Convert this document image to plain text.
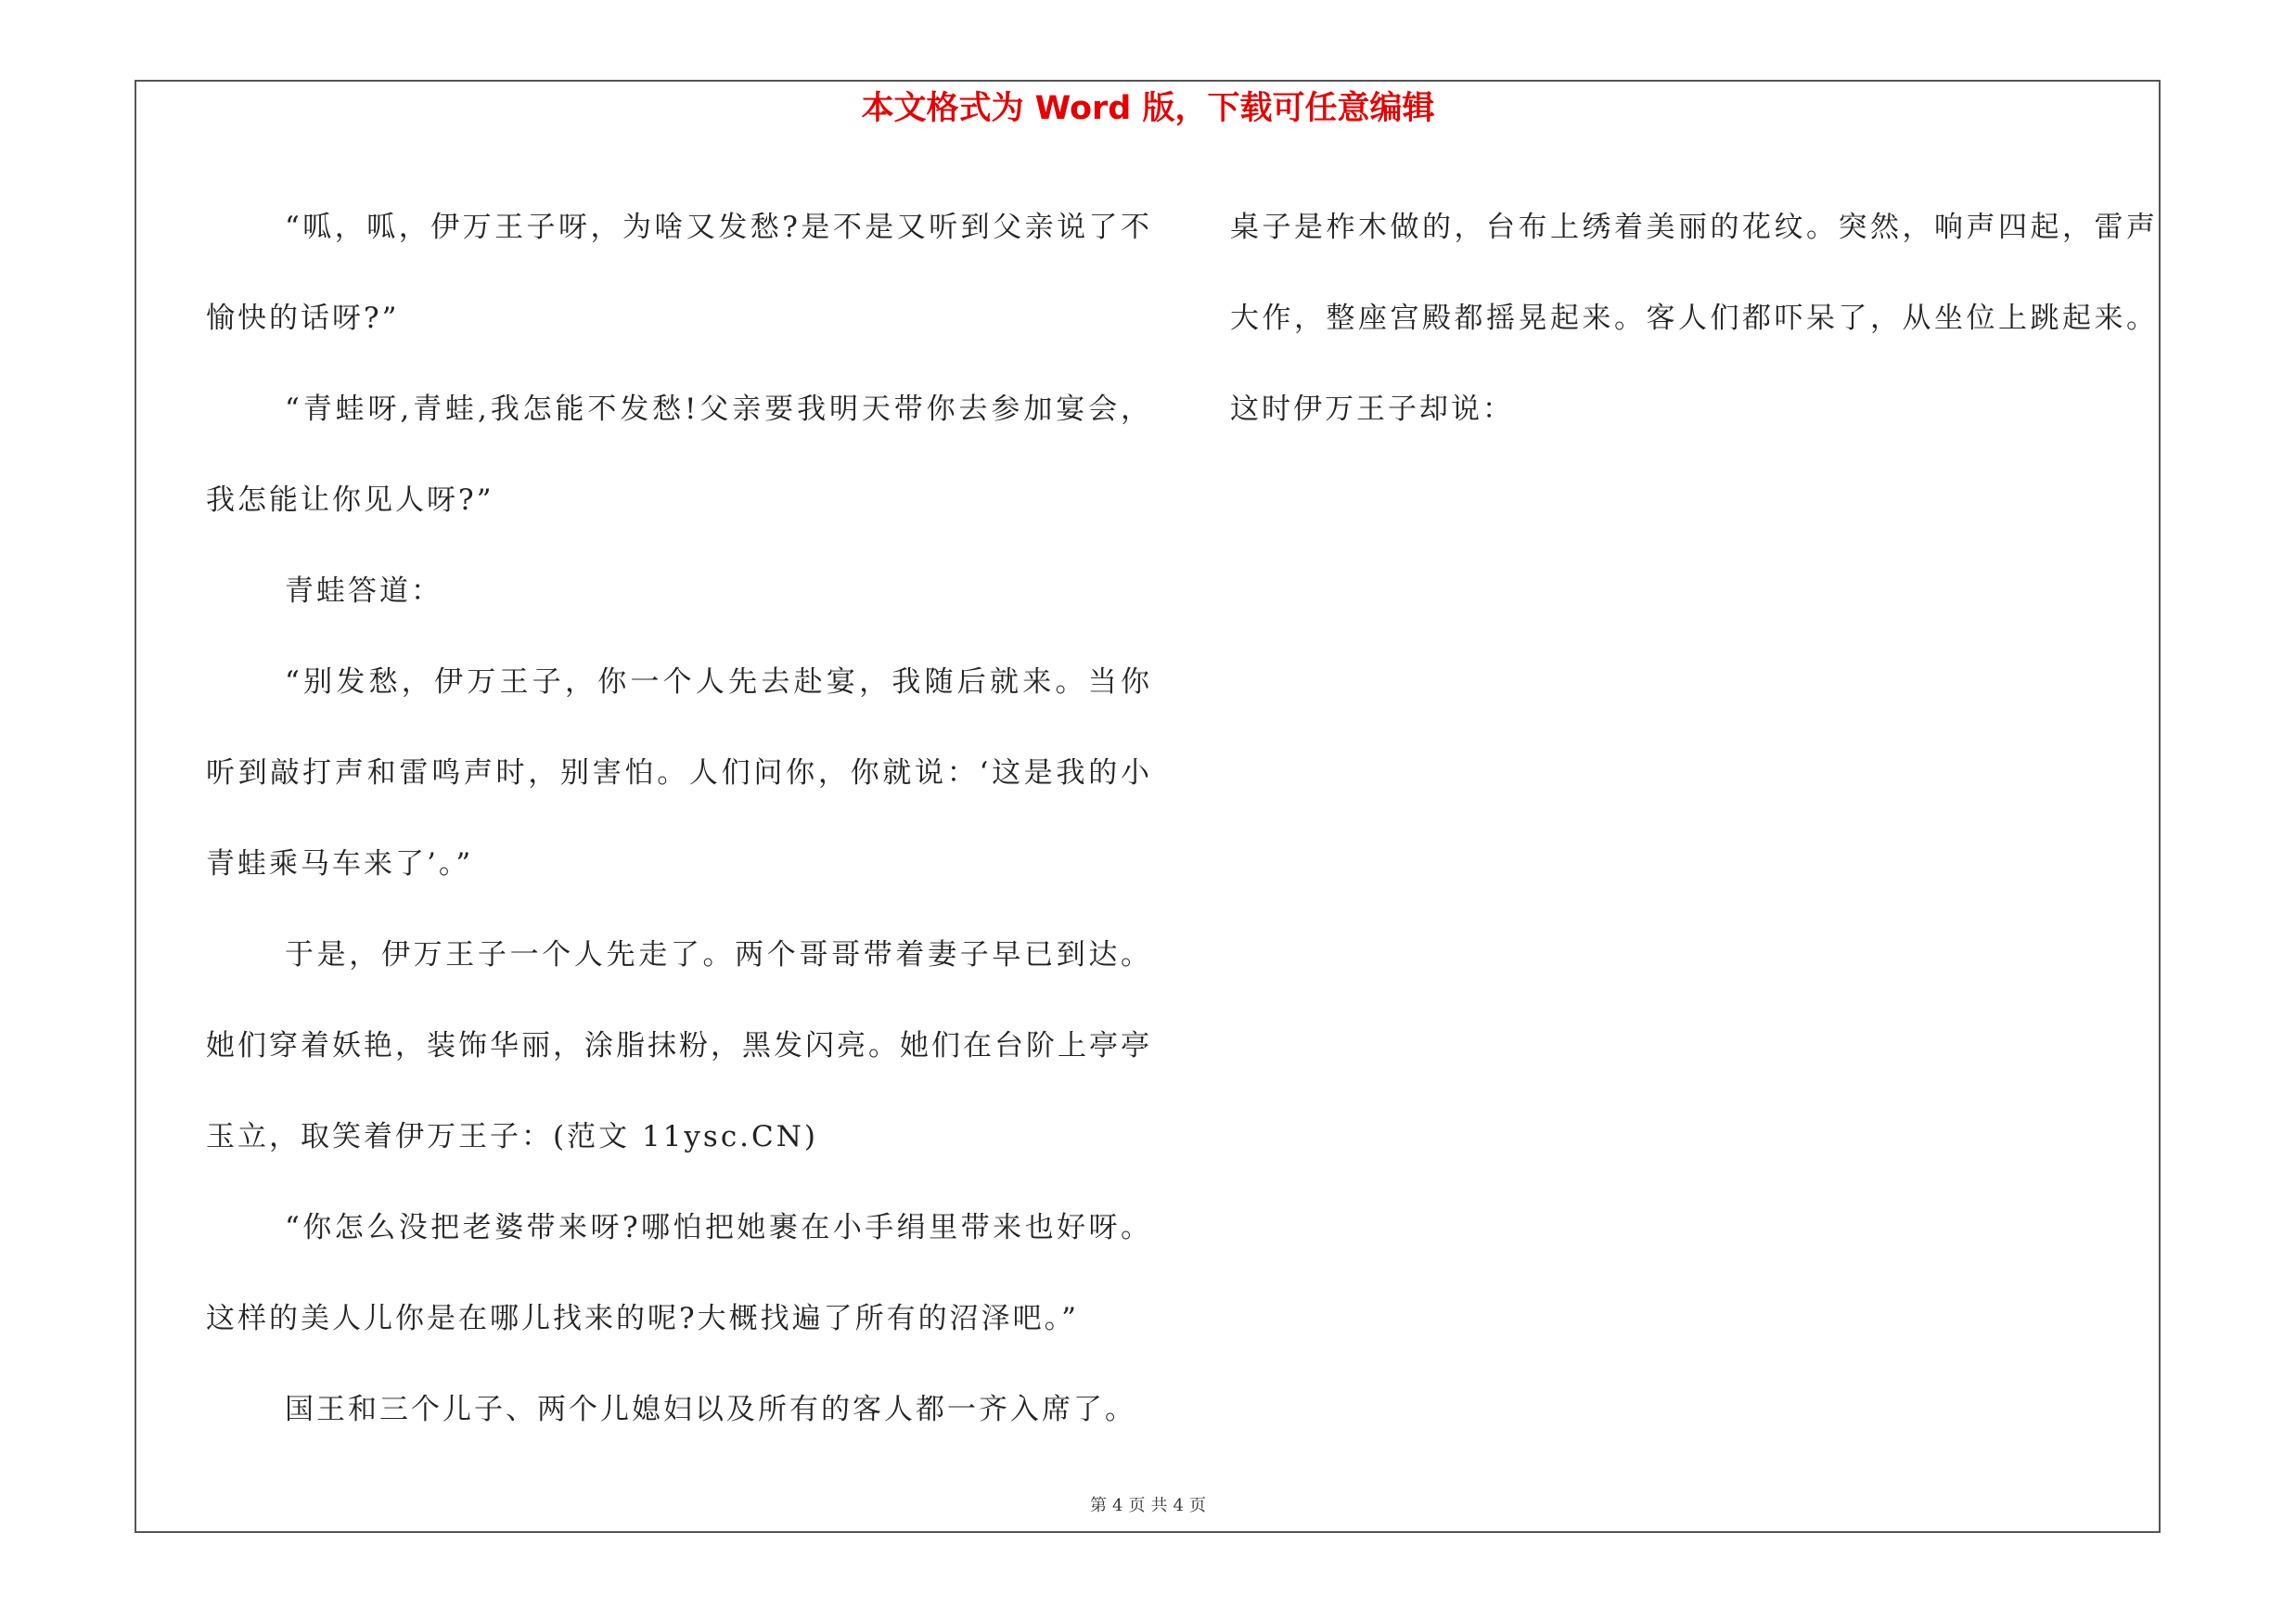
本文格式为 Word 版，下载可任意编辑

“呱，呱，伊万王子呀，为啥又发愁?是不是又听到父亲说了不愉快的话呀?”

“青蛙呀,青蛙,我怎能不发愁!父亲要我明天带你去参加宴会，我怎能让你见人呀?”

青蛙答道：

“别发愁，伊万王子，你一个人先去赴宴，我随后就来。当你听到敲打声和雷鸣声时，别害怕。人们问你，你就说：‘这是我的小青蛙乘马车来了’。”

于是，伊万王子一个人先走了。两个哥哥带着妻子早已到达。她们穿着妖艳，装饰华丽，涂脂抹粉，黑发闪亮。她们在台阶上亭亭玉立，取笑着伊万王子：(范文 11ysc.CN)

“你怎么没把老婆带来呀?哪怕把她裹在小手绢里带来也好呀。这样的美人儿你是在哪儿找来的呢?大概找遍了所有的沼泽吧。”

国王和三个儿子、两个儿媳妇以及所有的客人都一齐入席了。

桌子是柞木做的，台布上绣着美丽的花纹。突然，响声四起，雷声大作，整座宫殿都摇晃起来。客人们都吓呆了，从坐位上跳起来。这时伊万王子却说：

第 4 页 共 4 页
